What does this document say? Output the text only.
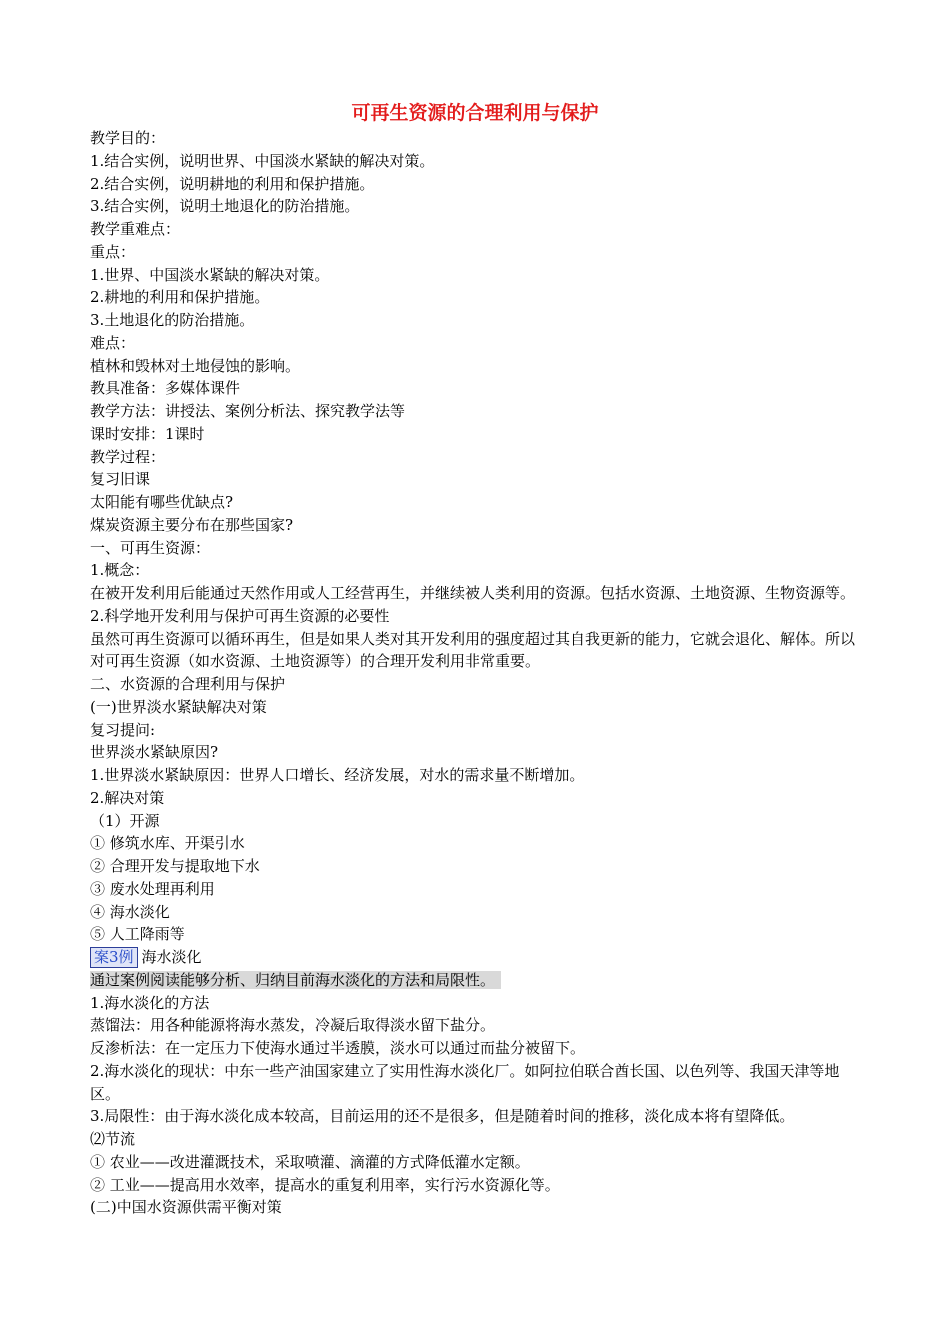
可再生资源的合理利用与保护

教学目的：

1.结合实例，说明世界、中国淡水紧缺的解决对策。

2.结合实例，说明耕地的利用和保护措施。

3.结合实例，说明土地退化的防治措施。

教学重难点：

重点：

1.世界、中国淡水紧缺的解决对策。

2.耕地的利用和保护措施。

3.土地退化的防治措施。

难点：

植林和毁林对土地侵蚀的影响。

教具准备：多媒体课件

教学方法：讲授法、案例分析法、探究教学法等

课时安排：1课时

教学过程：

复习旧课

太阳能有哪些优缺点?

煤炭资源主要分布在那些国家?

一、可再生资源：

1.概念：

在被开发利用后能通过天然作用或人工经营再生，并继续被人类利用的资源。包括水资源、土地资源、生物资源等。

2.科学地开发利用与保护可再生资源的必要性

虽然可再生资源可以循环再生，但是如果人类对其开发利用的强度超过其自我更新的能力，它就会退化、解体。所以对可再生资源（如水资源、土地资源等）的合理开发利用非常重要。

二、水资源的合理利用与保护

(一)世界淡水紧缺解决对策

复习提问:

世界淡水紧缺原因?

1.世界淡水紧缺原因：世界人口增长、经济发展，对水的需求量不断增加。

2.解决对策

（1）开源

① 修筑水库、开渠引水

② 合理开发与提取地下水

③ 废水处理再利用

④ 海水淡化

⑤ 人工降雨等

案3例 海水淡化

通过案例阅读能够分析、归纳目前海水淡化的方法和局限性。

1.海水淡化的方法

蒸馏法：用各种能源将海水蒸发，冷凝后取得淡水留下盐分。

反渗析法：在一定压力下使海水通过半透膜，淡水可以通过而盐分被留下。

2.海水淡化的现状：中东一些产油国家建立了实用性海水淡化厂。如阿拉伯联合酋长国、以色列等、我国天津等地区。

3.局限性：由于海水淡化成本较高，目前运用的还不是很多，但是随着时间的推移，淡化成本将有望降低。

⑵节流

① 农业——改进灌溉技术，采取喷灌、滴灌的方式降低灌水定额。

② 工业——提高用水效率，提高水的重复利用率，实行污水资源化等。

(二)中国水资源供需平衡对策
